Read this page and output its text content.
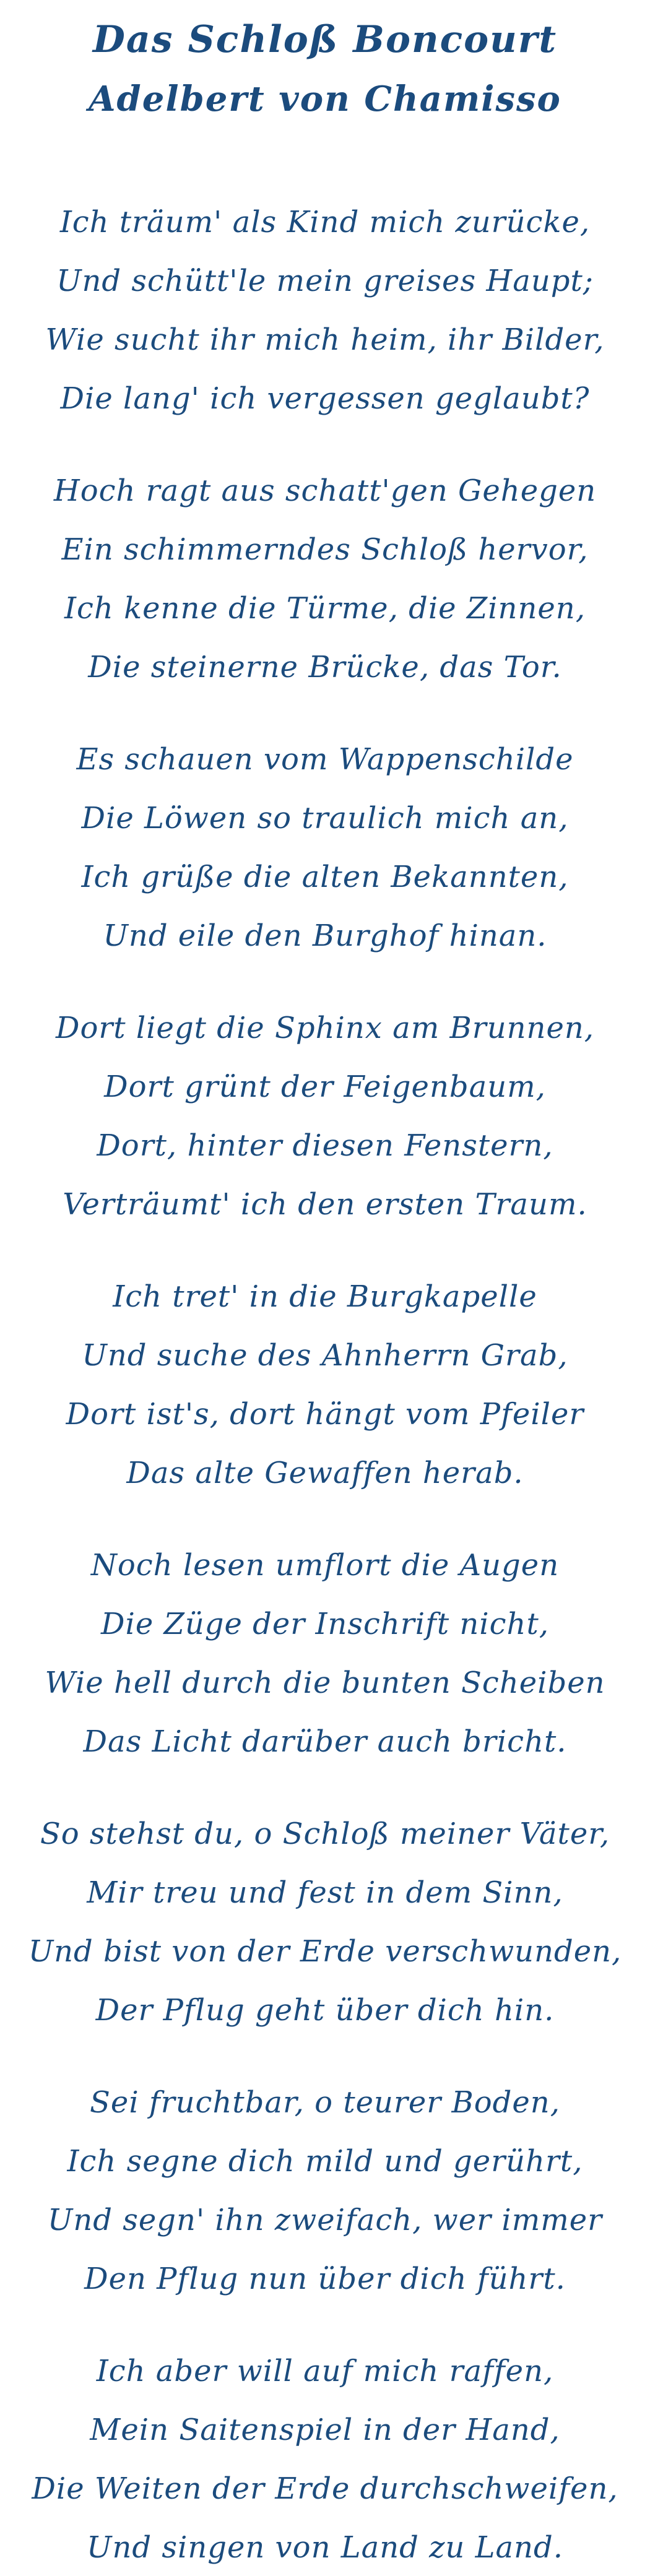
Das Schloß Boncourt
Adelbert von Chamisso
Ich träum' als Kind mich zurücke,
Und schütt'le mein greises Haupt;
Wie sucht ihr mich heim, ihr Bilder,
Die lang' ich vergessen geglaubt?
Hoch ragt aus schatt'gen Gehegen
Ein schimmerndes Schloß hervor,
Ich kenne die Türme, die Zinnen,
Die steinerne Brücke, das Tor.
Es schauen vom Wappenschilde
Die Löwen so traulich mich an,
Ich grüße die alten Bekannten,
Und eile den Burghof hinan.
Dort liegt die Sphinx am Brunnen,
Dort grünt der Feigenbaum,
Dort, hinter diesen Fenstern,
Verträumt' ich den ersten Traum.
Ich tret' in die Burgkapelle
Und suche des Ahnherrn Grab,
Dort ist's, dort hängt vom Pfeiler
Das alte Gewaffen herab.
Noch lesen umflort die Augen
Die Züge der Inschrift nicht,
Wie hell durch die bunten Scheiben
Das Licht darüber auch bricht.
So stehst du, o Schloß meiner Väter,
Mir treu und fest in dem Sinn,
Und bist von der Erde verschwunden,
Der Pflug geht über dich hin.
Sei fruchtbar, o teurer Boden,
Ich segne dich mild und gerührt,
Und segn' ihn zweifach, wer immer
Den Pflug nun über dich führt.
Ich aber will auf mich raffen,
Mein Saitenspiel in der Hand,
Die Weiten der Erde durchschweifen,
Und singen von Land zu Land.
